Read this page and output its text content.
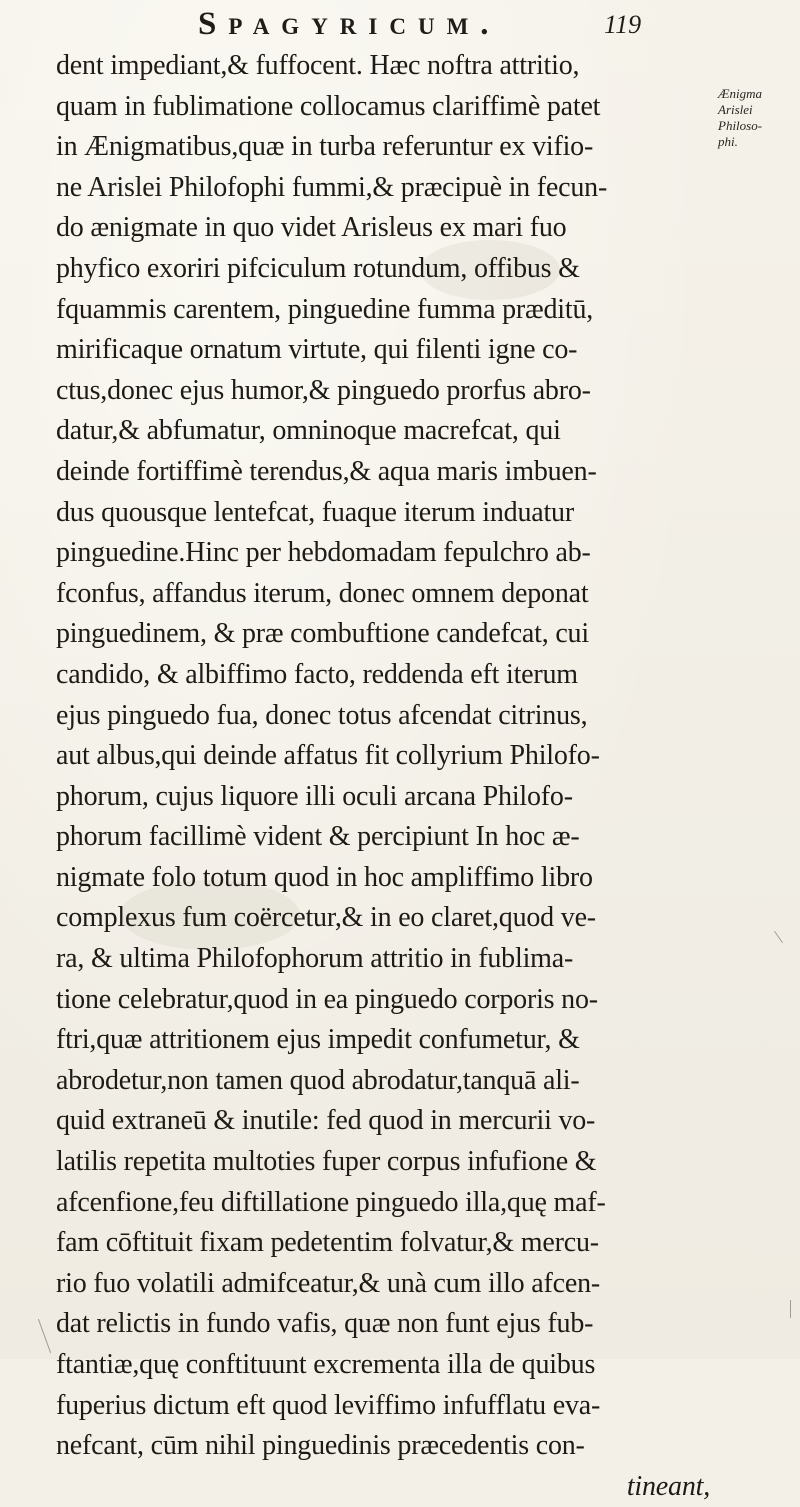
Spagyricum.	119
Ænigma
Arislei
Philoso-
phi.
dent impediant,& fuffocent. Hæc noftra attritio,
quam in fublimatione collocamus clariffimè patet
in Ænigmatibus,quæ in turba referuntur ex vifio-
ne Arislei Philofophi fummi,& præcipuè in fecun-
do ænigmate in quo videt Arisleus ex mari fuo
phyfico exoriri pifciculum rotundum, offibus &
fquammis carentem, pinguedine fumma præditū,
mirificaque ornatum virtute, qui filenti igne co-
ctus,donec ejus humor,& pinguedo prorfus abro-
datur,& abfumatur, omninoque macrefcat, qui
deinde fortiffimè terendus,& aqua maris imbuen-
dus quousque lentefcat, fuaque iterum induatur
pinguedine.Hinc per hebdomadam fepulchro ab-
fconfus, affandus iterum, donec omnem deponat
pinguedinem, & præ combuftione candefcat, cui
candido, & albiffimo facto, reddenda eft iterum
ejus pinguedo fua, donec totus afcendat citrinus,
aut albus,qui deinde affatus fit collyrium Philofo-
phorum, cujus liquore illi oculi arcana Philofo-
phorum facillimè vident & percipiunt In hoc æ-
nigmate folo totum quod in hoc ampliffimo libro
complexus fum coërcetur,& in eo claret,quod ve-
ra, & ultima Philofophorum attritio in fublima-
tione celebratur,quod in ea pinguedo corporis no-
ftri,quæ attritionem ejus impedit confumetur, &
abrodetur,non tamen quod abrodatur,tanquā ali-
quid extraneū & inutile: fed quod in mercurii vo-
latilis repetita multoties fuper corpus infufione &
afcenfione,feu diftillatione pinguedo illa,quę maf-
fam cōftituit fixam pedetentim folvatur,& mercu-
rio fuo volatili admifceatur,& unà cum illo afcen-
dat relictis in fundo vafis, quæ non funt ejus fub-
ftantiæ,quę conftituunt excrementa illa de quibus
fuperius dictum eft quod leviffimo infufflatu eva-
nefcant, cūm nihil pinguedinis præcedentis con-
tineant,
